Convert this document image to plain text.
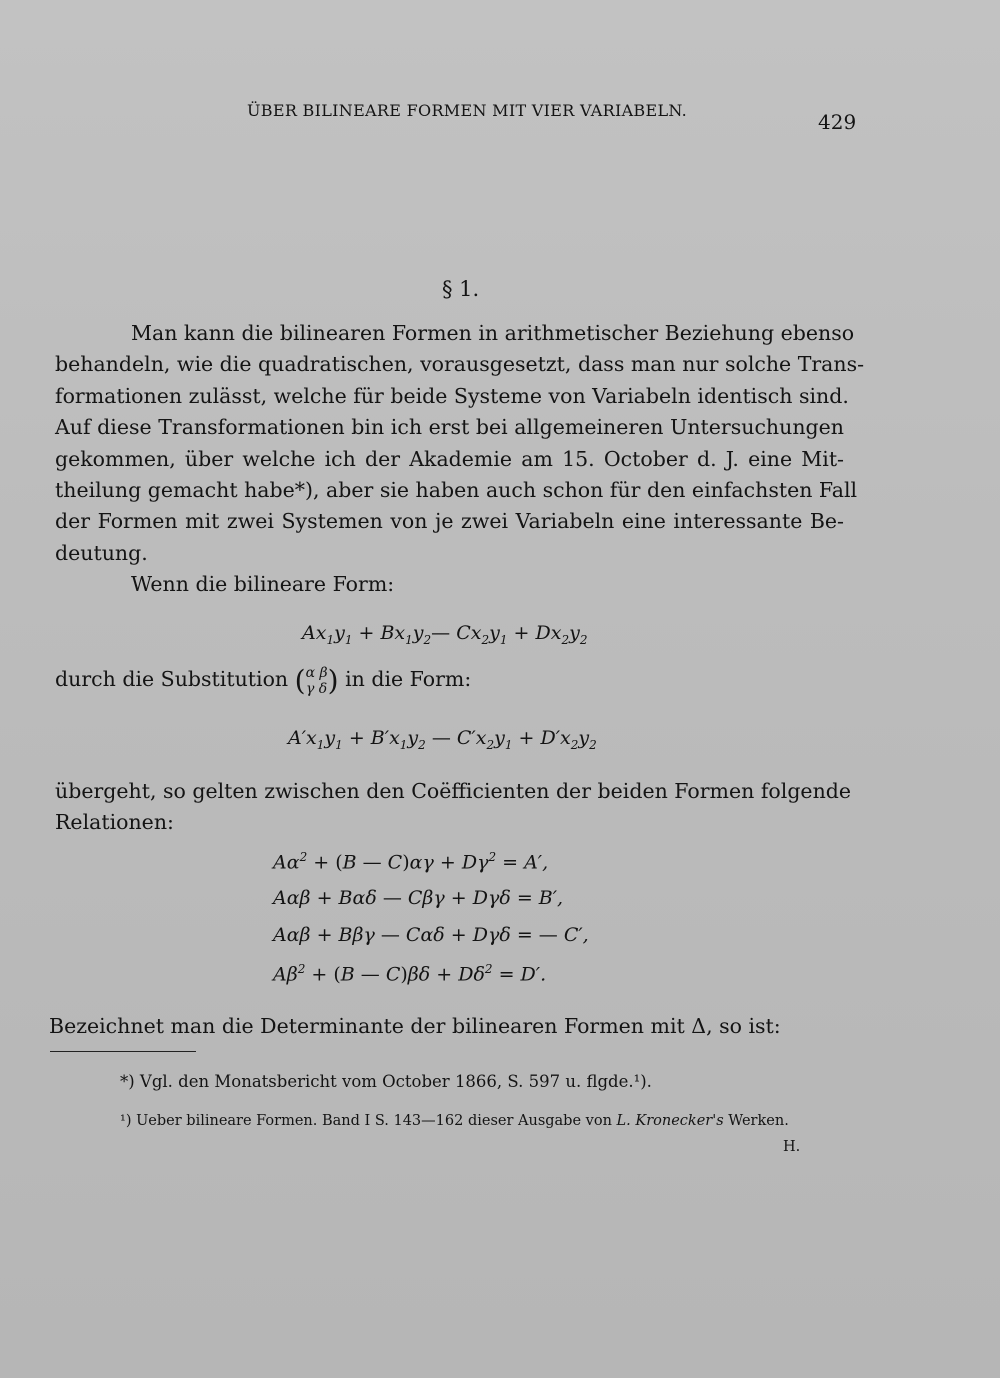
ÜBER BILINEARE FORMEN MIT VIER VARIABELN.	429
§ 1.
Man kann die bilinearen Formen in arithmetischer Beziehung ebenso
behandeln, wie die quadratischen, vorausgesetzt, dass man nur solche Trans-
formationen zulässt, welche für beide Systeme von Variabeln identisch sind.
Auf diese Transformationen bin ich erst bei allgemeineren Untersuchungen
gekommen, über welche ich der Akademie am 15. October d. J. eine Mit-
theilung gemacht habe*), aber sie haben auch schon für den einfachsten Fall
der Formen mit zwei Systemen von je zwei Variabeln eine interessante Be-
deutung.
Wenn die bilineare Form:
$Ax_1y_1$ + $Bx_1y_2—$ $Cx_2y_1 + Dx_2y_2$
durch die Substitution (α β
γ δ) in die Form:
$A'x_1y_1 + B'x_1y_2$ — $C'x_2y_1 + D'x_2y_2$
übergeht, so gelten zwischen den Coëfficienten der beiden Formen folgende
Relationen:
$A\alpha^2 + (B$ — $C)\alpha\gamma + D\gamma^2 = A'$,
Aαβ + Bαδ — Cβγ + Dγδ = B′,
Aαβ + Bβγ — Cαδ + Dγδ = — C′,
$A\beta^2 + (B$ — $C)\beta\delta + D\delta^2 = D'$.
Bezeichnet man die Determinante der bilinearen Formen mit Δ, so ist:
*) Vgl. den Monatsbericht vom October 1866, S. 597 u. flgde.¹).
¹) Ueber bilineare Formen. Band I S. 143—162 dieser Ausgabe von L. Kronecker's Werken.
H.
